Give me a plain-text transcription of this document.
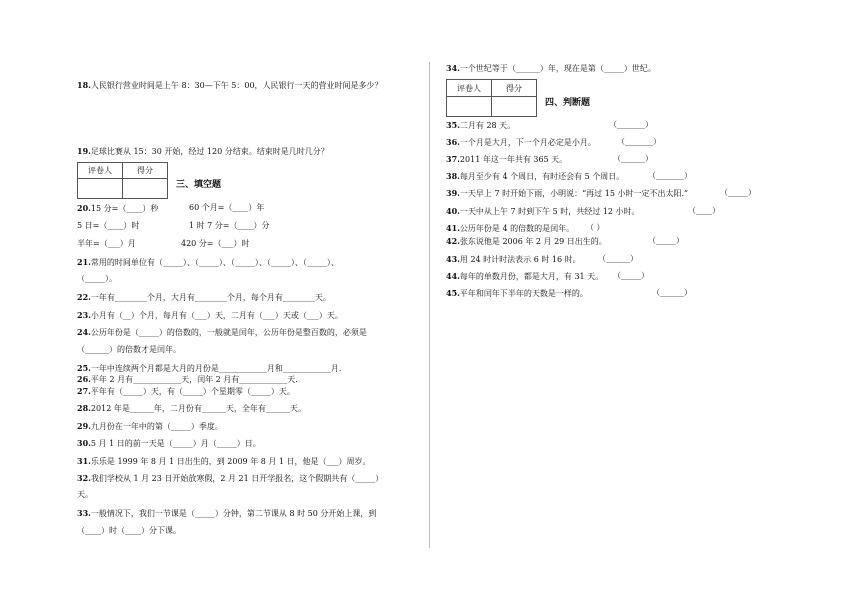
18.人民银行营业时间是上午 8：30—下午 5：00，人民银行一天的营业时间是多少？
19.足球比赛从 15：30 开始，经过 120 分结束。结束时是几时几分？
评卷人	得分

三、填空题
20.15 分=（____）秒	60 个月=（____）年
5 日=（____）时	1 时 7 分=（____）分
半年=（___）月	420 分=（___）时
21.常用的时间单位有（_____）、（_____）、（_____）、（_____）、（_____）、
（_____）。
22.一年有________个月，大月有________个月，每个月有________天。
23.小月有（__）个月，每月有（___）天，二月有（___）天或（___）天。
24.公历年份是（_____）的倍数的，一般就是闰年，公历年份是整百数的，必须是
（______）的倍数才是闰年。
25.一年中连续两个月都是大月的月份是____________月和____________月.
26.平年 2 月有____________天，闰年 2 月有____________天.
27.平年有（_____）天，有（_____）个星期零（_____）天。
28.2012 年是______年，二月份有______天，全年有______天。
29.九月份在一年中的第（_____）季度。
30.5 月 1 日的前一天是（_____）月（_____）日。
31.乐乐是 1999 年 8 月 1 日出生的，到 2009 年 8 月 1 日，他是（___）周岁。
32.我们学校从 1 月 23 日开始放寒假，2 月 21 日开学报名，这个假期共有（_____）
天。
33.一般情况下，我们一节课是（_____）分钟，第二节课从 8 时 50 分开始上课，到
（____）时（____）分下课。
34.一个世纪等于（______）年，现在是第（_____）世纪。
评卷人	得分

四、判断题
35.二月有 28 天。	（_______）
36.一个月是大月，下一个月必定是小月。	（_______）
37.2011 年这一年共有 365 天。	（______）
38.每月至少有 4 个周日，有时还会有 5 个周日。	（_______）
39.一天早上 7 时开始下雨，小明说：“再过 15 小时一定不出太阳.”	（_____）
40.一天中从上午 7 时到下午 5 时，共经过 12 小时。	（____）
41.公历年份是 4 的倍数的是闰年。 （ ）
42.张东说他是 2006 年 2 月 29 日出生的。	（_____）
43.用 24 时计时法表示 6 时 16 时。 （______）
44.每年的单数月份，都是大月，有 31 天。 （_____）
45.平年和闰年下半年的天数是一样的。	（______）
